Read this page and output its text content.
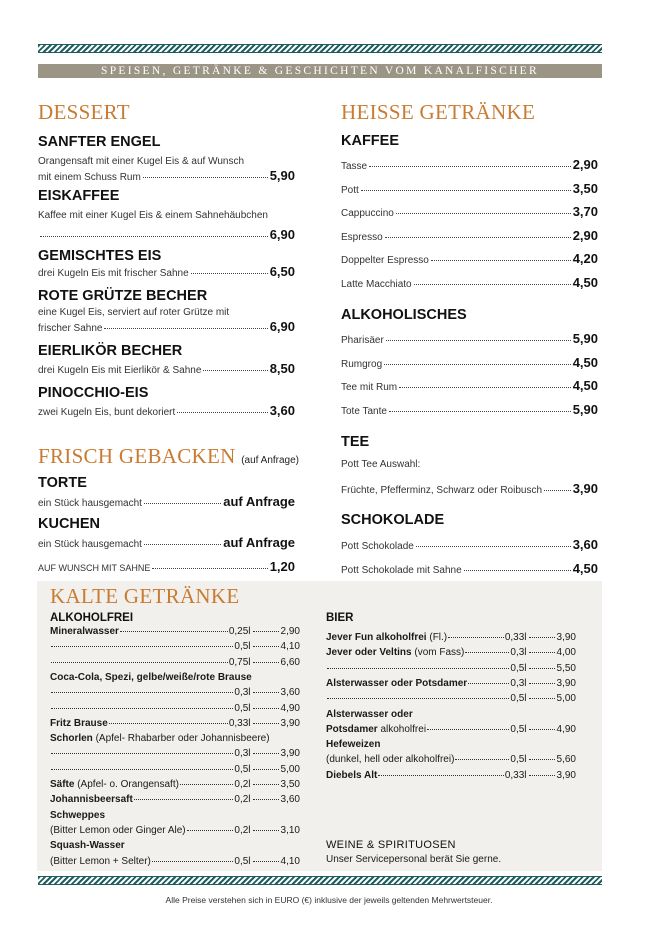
SPEISEN, GETRÄNKE & GESCHICHTEN VOM KANALFISCHER
DESSERT
SANFTER ENGEL
Orangensaft mit einer Kugel Eis & auf Wunsch
mit einem Schuss Rum	5,90
EISKAFFEE
Kaffee mit einer Kugel Eis & einem Sahnehäubchen
6,90
GEMISCHTES EIS
drei Kugeln Eis mit frischer Sahne	6,50
ROTE GRÜTZE BECHER
eine Kugel Eis, serviert auf roter Grütze mit
frischer Sahne	6,90
EIERLIKÖR BECHER
drei Kugeln Eis mit Eierlikör & Sahne	8,50
PINOCCHIO-EIS
zwei Kugeln Eis, bunt dekoriert	3,60
FRISCH GEBACKEN (auf Anfrage)
TORTE
ein Stück hausgemacht	auf Anfrage
KUCHEN
ein Stück hausgemacht	auf Anfrage
AUF WUNSCH MIT SAHNE	1,20
HEISSE GETRÄNKE
KAFFEE
Tasse	2,90
Pott	3,50
Cappuccino	3,70
Espresso	2,90
Doppelter Espresso	4,20
Latte Macchiato	4,50
ALKOHOLISCHES
Pharisäer	5,90
Rumgrog	4,50
Tee mit Rum	4,50
Tote Tante	5,90
TEE
Pott Tee Auswahl:
Früchte, Pfefferminz, Schwarz oder Roibusch 3,90
SCHOKOLADE
Pott Schokolade	3,60
Pott Schokolade mit Sahne	4,50
KALTE GETRÄNKE
ALKOHOLFREI
Mineralwasser	0,25l	2,90
0,5l	4,10
0,75l	6,60
Coca-Cola, Spezi, gelbe/weiße/rote Brause
0,3l	3,60
0,5l	4,90
Fritz Brause	0,33l	3,90
Schorlen (Apfel- Rhabarber oder Johannisbeere)
0,3l	3,90
0,5l	5,00
Säfte (Apfel- o. Orangensaft)	0,2l	3,50
Johannisbeersaft	0,2l	3,60
Schweppes
(Bitter Lemon oder Ginger Ale)	0,2l	3,10
Squash-Wasser
(Bitter Lemon + Selter)	0,5l	4,10
BIER
Jever Fun alkoholfrei (Fl.)	0,33l	3,90
Jever oder Veltins (vom Fass)	0,3l	4,00
0,5l	5,50
Alsterwasser oder Potsdamer	0,3l	3,90
0,5l	5,00
Alsterwasser oder
Potsdamer alkoholfrei	0,5l	4,90
Hefeweizen
(dunkel, hell oder alkoholfrei)	0,5l	5,60
Diebels Alt	0,33l	3,90
WEINE & SPIRITUOSEN
Unser Servicepersonal berät Sie gerne.
Alle Preise verstehen sich in EURO (€) inklusive der jeweils geltenden Mehrwertsteuer.
